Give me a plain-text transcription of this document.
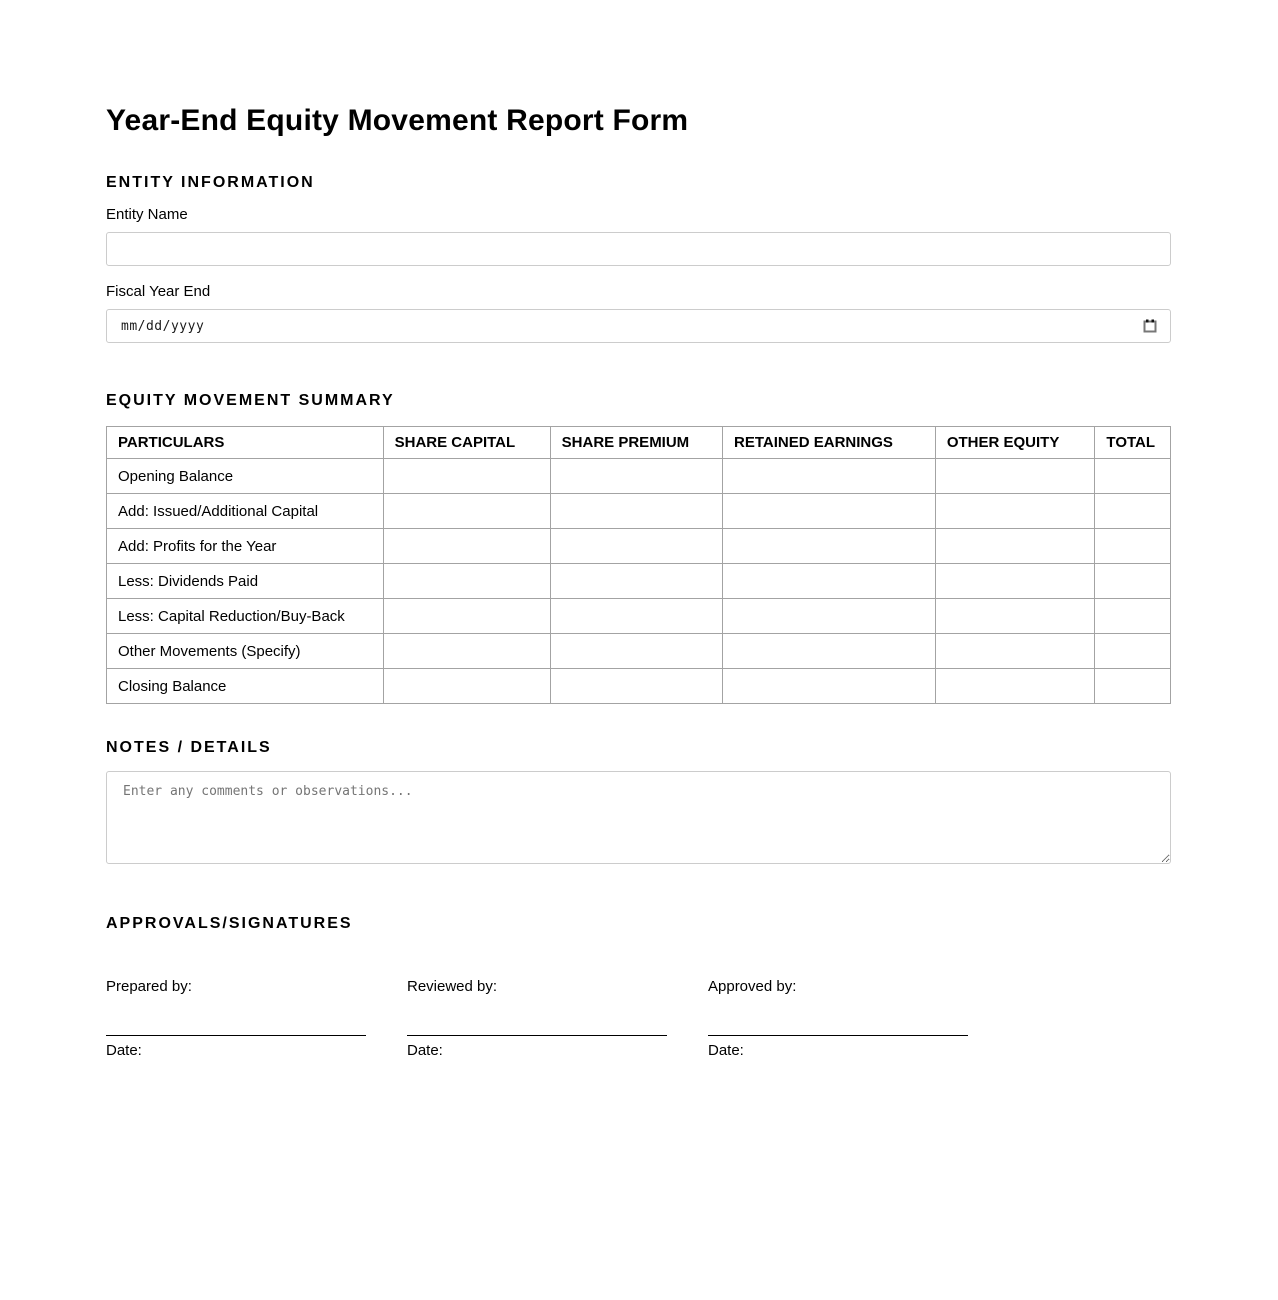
Year-End Equity Movement Report Form
ENTITY INFORMATION
Entity Name
Fiscal Year End
mm/dd/yyyy
EQUITY MOVEMENT SUMMARY
PARTICULARS	SHARE CAPITAL	SHARE PREMIUM	RETAINED EARNINGS	OTHER EQUITY	TOTAL
Opening Balance					
Add: Issued/Additional Capital					
Add: Profits for the Year					
Less: Dividends Paid					
Less: Capital Reduction/Buy-Back					
Other Movements (Specify)					
Closing Balance					
NOTES / DETAILS
Enter any comments or observations...
APPROVALS/SIGNATURES
Prepared by:
Date:
Reviewed by:
Date:
Approved by:
Date:
